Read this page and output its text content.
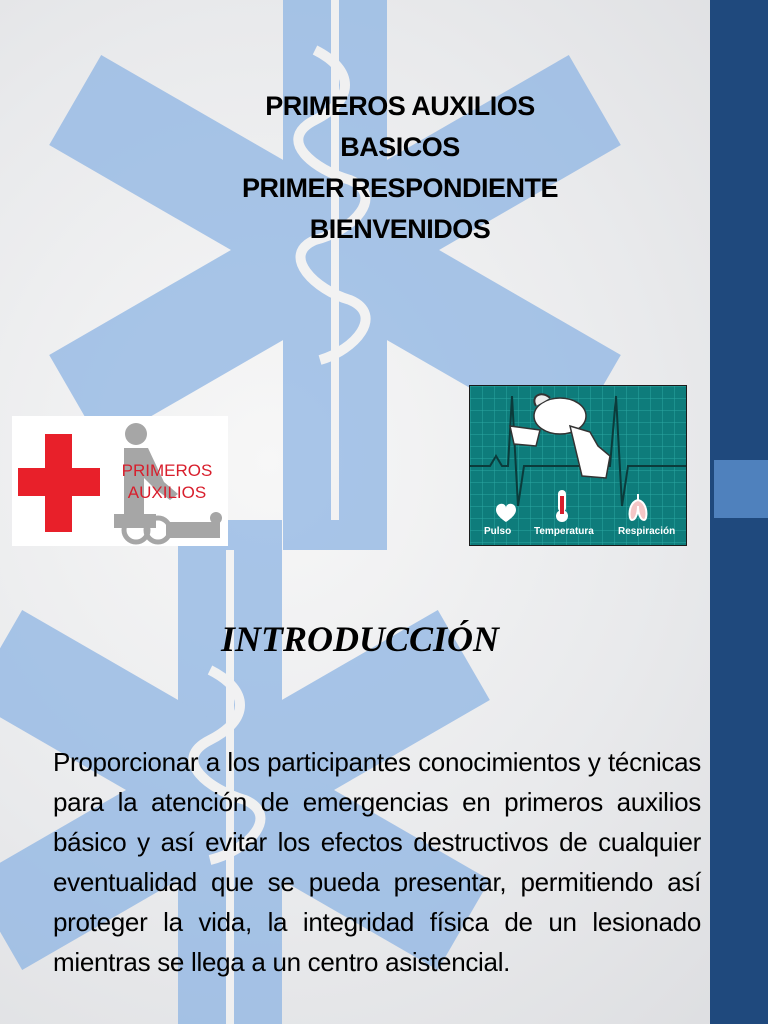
PRIMEROS AUXILIOS
BASICOS
PRIMER RESPONDIENTE
BIENVENIDOS
PRIMEROS
AUXILIOS
Pulso Temperatura Respiración
INTRODUCCIÓN
Proporcionar a los participantes conocimientos y técnicas para la atención de emergencias en primeros auxilios básico y así evitar los efectos destructivos de cualquier eventualidad que se pueda presentar, permitiendo así proteger la vida, la integridad física de un lesionado mientras se llega a un centro asistencial.
